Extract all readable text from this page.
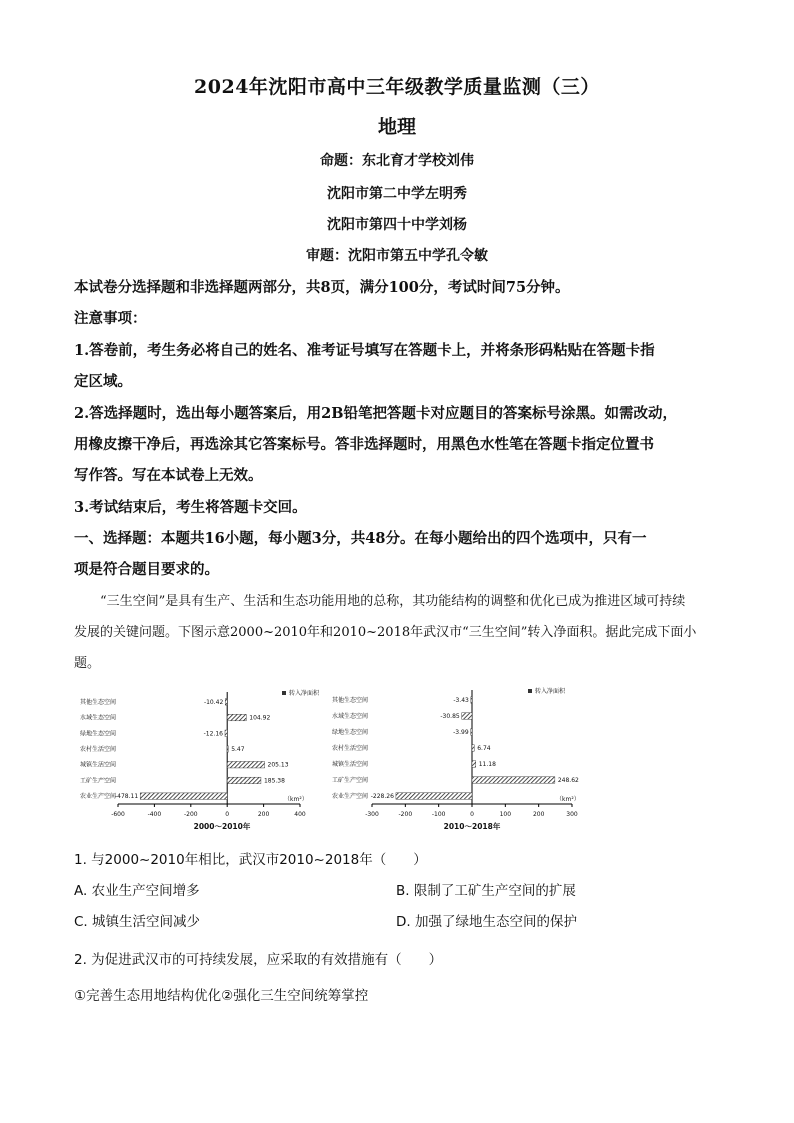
2024年沈阳市高中三年级教学质量监测（三）
地理
命题：东北育才学校刘伟
沈阳市第二中学左明秀
沈阳市第四十中学刘杨
审题：沈阳市第五中学孔令敏
本试卷分选择题和非选择题两部分，共8页，满分100分，考试时间75分钟。
注意事项：
1.答卷前，考生务必将自己的姓名、准考证号填写在答题卡上，并将条形码粘贴在答题卡指
定区域。
2.答选择题时，选出每小题答案后，用2B铅笔把答题卡对应题目的答案标号涂黑。如需改动，
用橡皮擦干净后，再选涂其它答案标号。答非选择题时，用黑色水性笔在答题卡指定位置书
写作答。写在本试卷上无效。
3.考试结束后，考生将答题卡交回。
一、选择题：本题共16小题，每小题3分，共48分。在每小题给出的四个选项中，只有一
项是符合题目要求的。
“三生空间”是具有生产、生活和生态功能用地的总称，其功能结构的调整和优化已成为推进区域可持续
发展的关键问题。下图示意2000~2010年和2010~2018年武汉市“三生空间”转入净面积。据此完成下面小
题。
-600	-400	-200	0	200	400
（km²）
转入净面积
其他生态空间	-10.42
水域生态空间	104.92
绿地生态空间	-12.16
农村生活空间	5.47
城镇生活空间	205.13
工矿生产空间	185.38
农业生产空间
-478.11
2000～2010年
-300	-200	-100	0	100	200	300
（km²）
转入净面积
其他生态空间	-3.43
水域生态空间	-30.85
绿地生态空间	-3.99
农村生活空间	6.74
城镇生活空间	11.18
工矿生产空间	248.62
农业生产空间 -228.26
2010～2018年
1. 与2000~2010年相比，武汉市2010~2018年（　　）
A. 农业生产空间增多	B. 限制了工矿生产空间的扩展
C. 城镇生活空间减少	D. 加强了绿地生态空间的保护
2. 为促进武汉市的可持续发展，应采取的有效措施有（　　）
①完善生态用地结构优化②强化三生空间统筹掌控
